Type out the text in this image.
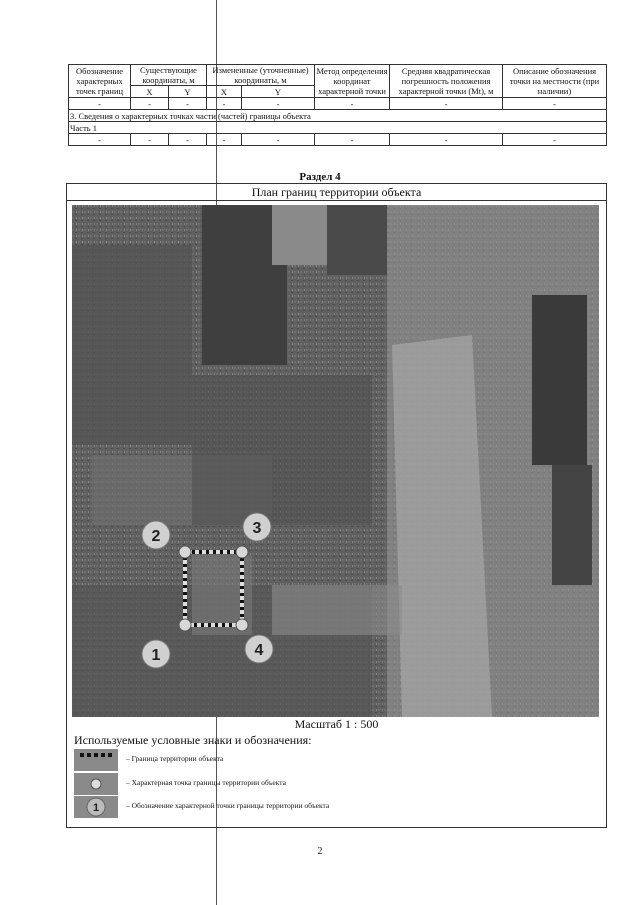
Обозначение характерных точек границ	Существующие координаты, м		Измененные (уточненные) координаты, м		Метод определения координат характерной точки	Средняя квадратическая погрешность положения характерной точки (Mt), м	Описание обозначения точки на местности (при наличии)
	X	Y	X	Y			
-	-	-	-	-	-	-	-
3. Сведения о характерных точках части (частей) границы объекта							
Часть 1							
-	-	-	-	-	-	-	-
Раздел 4
План границ территории объекта
1
2	3
4
Масштаб 1 : 500
Используемые условные знаки и обозначения:
– Граница территории объекта
– Характерная точка границы территории объекта
1	– Обозначение характерной точки границы территории объекта
2
